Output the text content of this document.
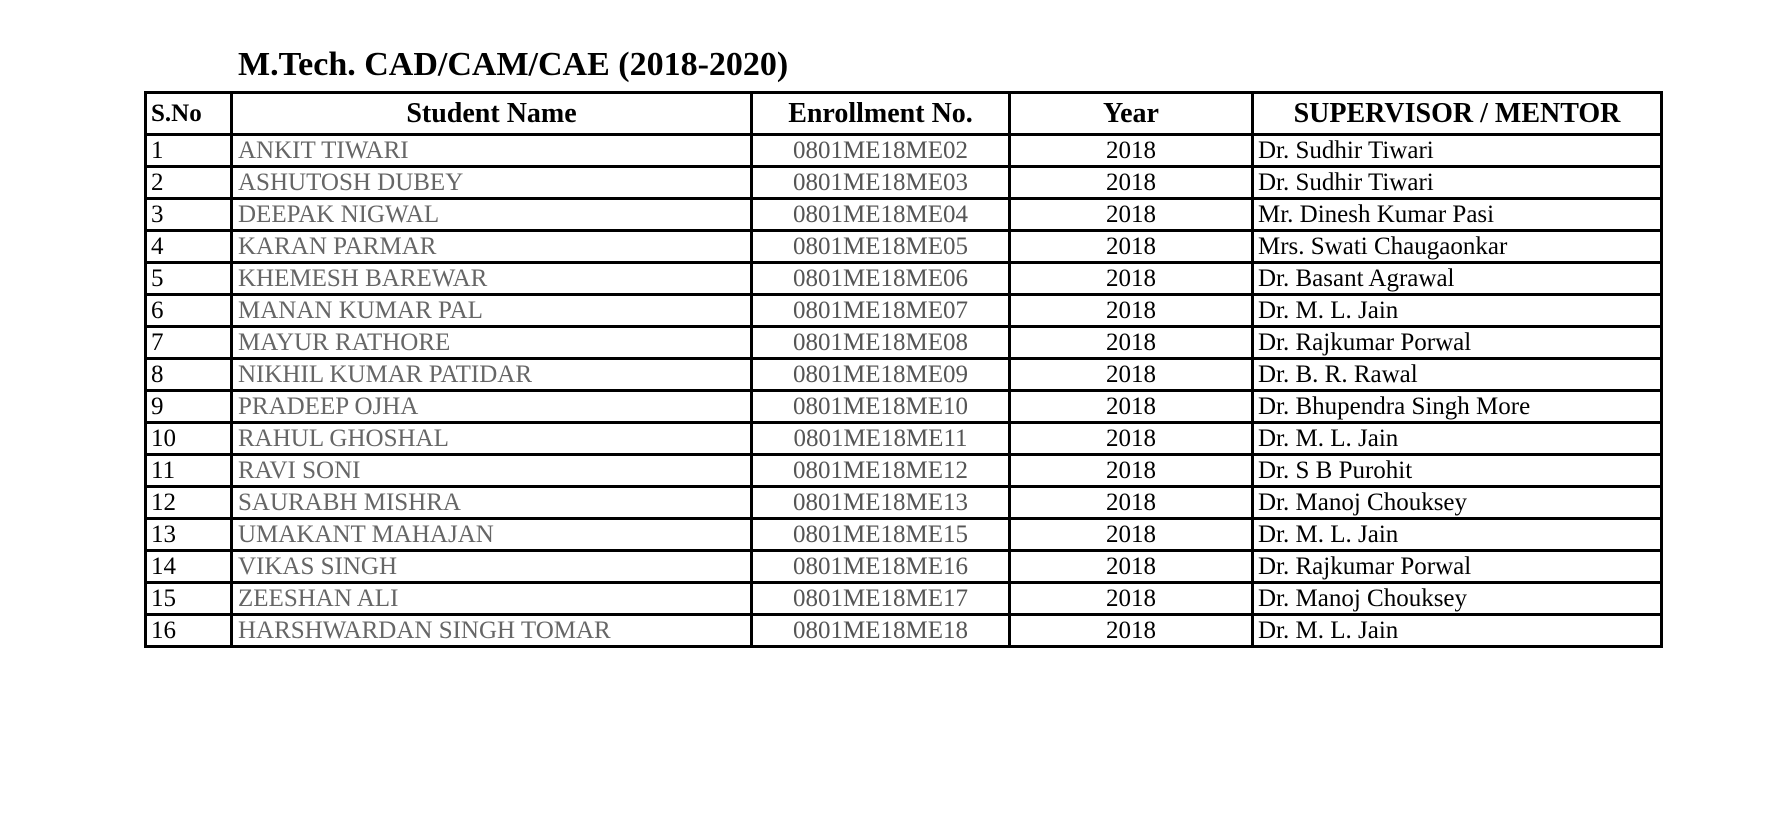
M.Tech. CAD/CAM/CAE (2018-2020)
S.No	Student Name	Enrollment No.	Year	SUPERVISOR / MENTOR
1	ANKIT TIWARI	0801ME18ME02	2018	Dr. Sudhir Tiwari
2	ASHUTOSH DUBEY	0801ME18ME03	2018	Dr. Sudhir Tiwari
3	DEEPAK NIGWAL	0801ME18ME04	2018	Mr. Dinesh Kumar Pasi
4	KARAN PARMAR	0801ME18ME05	2018	Mrs. Swati Chaugaonkar
5	KHEMESH BAREWAR	0801ME18ME06	2018	Dr. Basant Agrawal
6	MANAN KUMAR PAL	0801ME18ME07	2018	Dr. M. L. Jain
7	MAYUR RATHORE	0801ME18ME08	2018	Dr. Rajkumar Porwal
8	NIKHIL KUMAR PATIDAR	0801ME18ME09	2018	Dr. B. R. Rawal
9	PRADEEP OJHA	0801ME18ME10	2018	Dr. Bhupendra Singh More
10	RAHUL GHOSHAL	0801ME18ME11	2018	Dr. M. L. Jain
11	RAVI SONI	0801ME18ME12	2018	Dr. S B Purohit
12	SAURABH MISHRA	0801ME18ME13	2018	Dr. Manoj Chouksey
13	UMAKANT MAHAJAN	0801ME18ME15	2018	Dr. M. L. Jain
14	VIKAS SINGH	0801ME18ME16	2018	Dr. Rajkumar Porwal
15	ZEESHAN ALI	0801ME18ME17	2018	Dr. Manoj Chouksey
16	HARSHWARDAN SINGH TOMAR	0801ME18ME18	2018	Dr. M. L. Jain
